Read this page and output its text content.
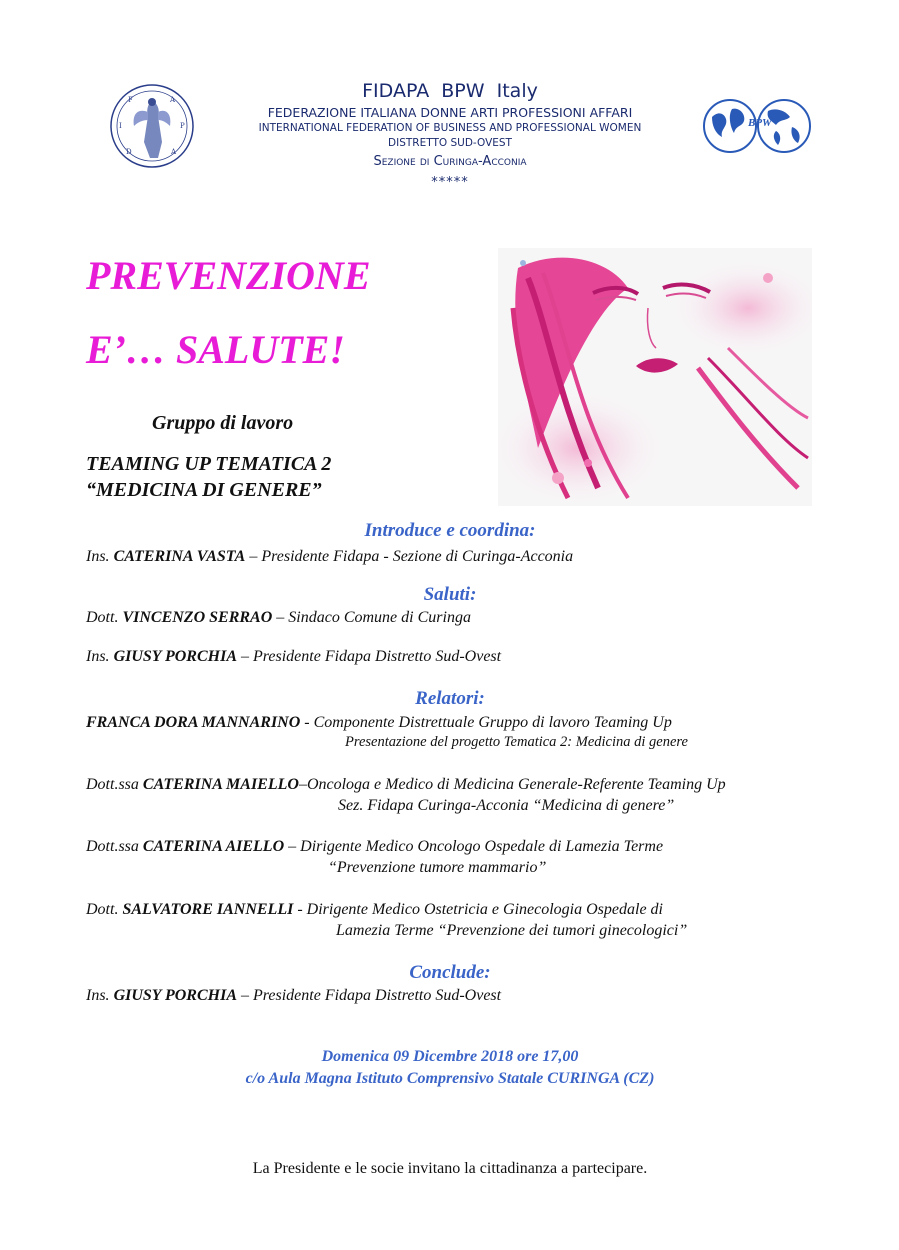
F	A
I	P
D	A
FIDAPA  BPW  Italy
FEDERAZIONE ITALIANA DONNE ARTI PROFESSIONI AFFARI
INTERNATIONAL FEDERATION OF BUSINESS AND PROFESSIONAL WOMEN
DISTRETTO SUD-OVEST
Sezione di Curinga-Acconia
*****
BPW
PREVENZIONE
E’… SALUTE!
Gruppo di lavoro
TEAMING UP TEMATICA 2
“MEDICINA DI GENERE”
Introduce e coordina:
Ins. CATERINA VASTA – Presidente Fidapa - Sezione di Curinga-Acconia
Saluti:
Dott. VINCENZO SERRAO – Sindaco Comune di Curinga
Ins. GIUSY PORCHIA – Presidente Fidapa Distretto Sud-Ovest
Relatori:
FRANCA DORA MANNARINO - Componente Distrettuale Gruppo di lavoro Teaming Up
Presentazione del progetto Tematica 2: Medicina di genere
Dott.ssa CATERINA MAIELLO–Oncologa e Medico di Medicina Generale-Referente Teaming Up
Sez. Fidapa Curinga-Acconia “Medicina di genere”
Dott.ssa CATERINA AIELLO – Dirigente Medico Oncologo Ospedale di Lamezia Terme
“Prevenzione tumore mammario”
Dott. SALVATORE IANNELLI - Dirigente Medico Ostetricia e Ginecologia Ospedale di
Lamezia Terme “Prevenzione dei tumori ginecologici”
Conclude:
Ins. GIUSY PORCHIA – Presidente Fidapa Distretto Sud-Ovest
Domenica 09 Dicembre 2018 ore 17,00
c/o Aula Magna Istituto Comprensivo Statale CURINGA (CZ)
La Presidente e le socie invitano la cittadinanza a partecipare.
